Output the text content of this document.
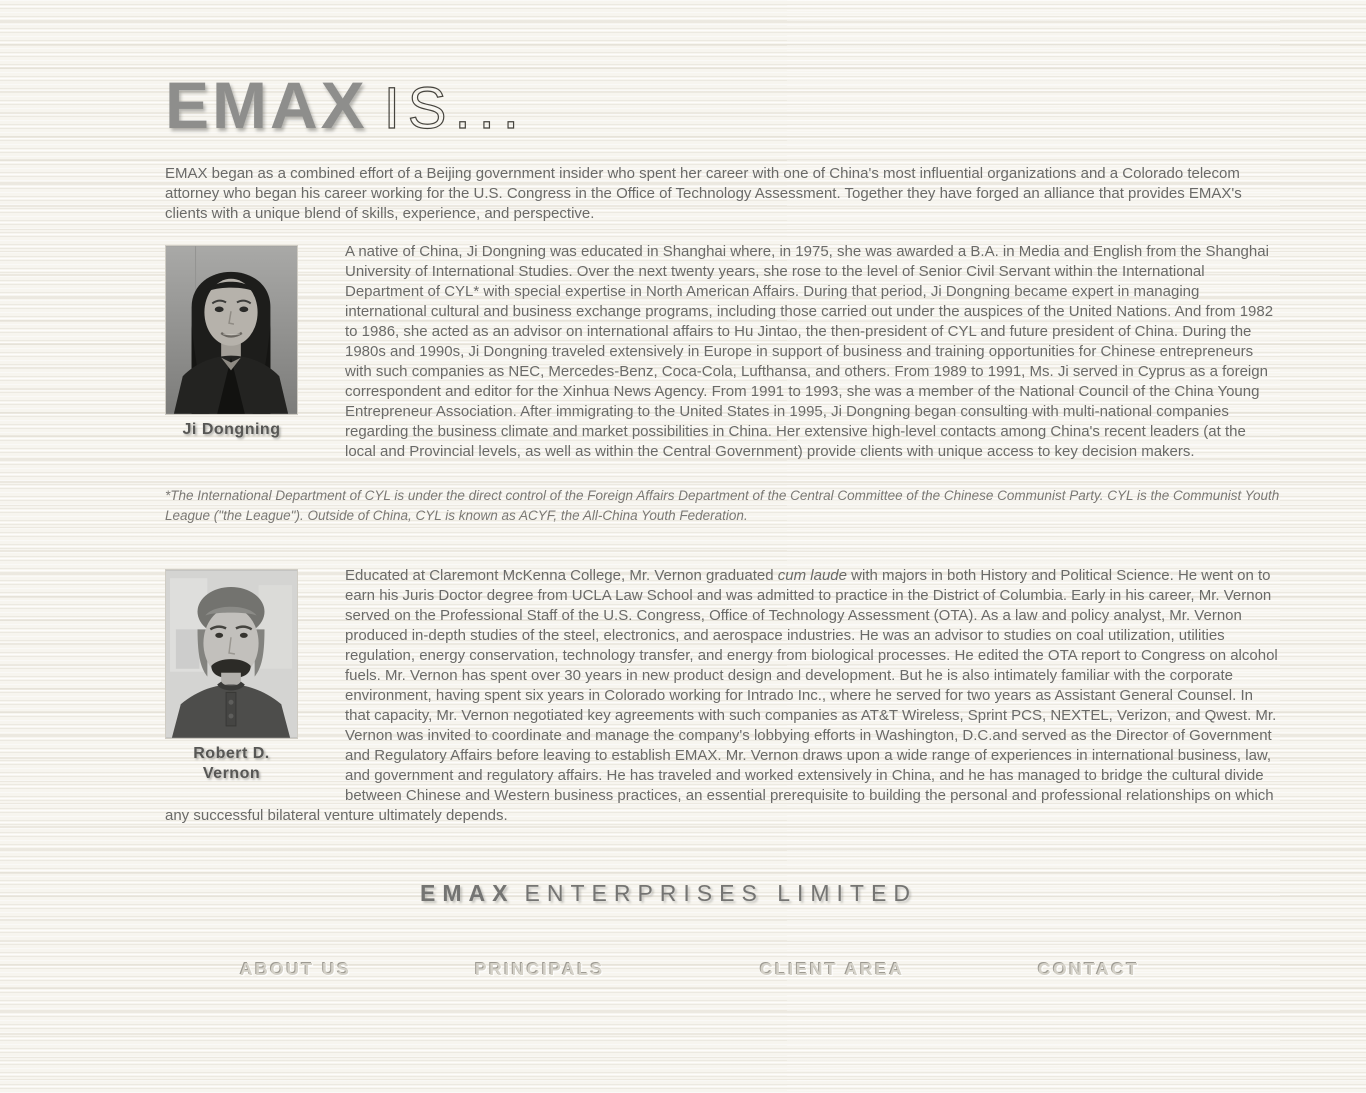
EMAX IS...

EMAX began as a combined effort of a Beijing government insider who spent her career with one of China's most influential organizations and a Colorado telecom attorney who began his career working for the U.S. Congress in the Office of Technology Assessment. Together they have forged an alliance that provides EMAX's clients with a unique blend of skills, experience, and perspective.

Ji Dongning
A native of China, Ji Dongning was educated in Shanghai where, in 1975, she was awarded a B.A. in Media and English from the Shanghai University of International Studies. Over the next twenty years, she rose to the level of Senior Civil Servant within the International Department of CYL* with special expertise in North American Affairs. During that period, Ji Dongning became expert in managing international cultural and business exchange programs, including those carried out under the auspices of the United Nations. And from 1982 to 1986, she acted as an advisor on international affairs to Hu Jintao, the then-president of CYL and future president of China. During the 1980s and 1990s, Ji Dongning traveled extensively in Europe in support of business and training opportunities for Chinese entrepreneurs with such companies as NEC, Mercedes-Benz, Coca-Cola, Lufthansa, and others. From 1989 to 1991, Ms. Ji served in Cyprus as a foreign correspondent and editor for the Xinhua News Agency. From 1991 to 1993, she was a member of the National Council of the China Young Entrepreneur Association. After immigrating to the United States in 1995, Ji Dongning began consulting with multi-national companies regarding the business climate and market possibilities in China. Her extensive high-level contacts among China's recent leaders (at the local and Provincial levels, as well as within the Central Government) provide clients with unique access to key decision makers.

*The International Department of CYL is under the direct control of the Foreign Affairs Department of the Central Committee of the Chinese Communist Party. CYL is the Communist Youth League ("the League"). Outside of China, CYL is known as ACYF, the All-China Youth Federation.

Robert D. Vernon
Educated at Claremont McKenna College, Mr. Vernon graduated cum laude with majors in both History and Political Science. He went on to earn his Juris Doctor degree from UCLA Law School and was admitted to practice in the District of Columbia. Early in his career, Mr. Vernon served on the Professional Staff of the U.S. Congress, Office of Technology Assessment (OTA). As a law and policy analyst, Mr. Vernon produced in-depth studies of the steel, electronics, and aerospace industries. He was an advisor to studies on coal utilization, utilities regulation, energy conservation, technology transfer, and energy from biological processes. He edited the OTA report to Congress on alcohol fuels. Mr. Vernon has spent over 30 years in new product design and development. But he is also intimately familiar with the corporate environment, having spent six years in Colorado working for Intrado Inc., where he served for two years as Assistant General Counsel. In that capacity, Mr. Vernon negotiated key agreements with such companies as AT&T Wireless, Sprint PCS, NEXTEL, Verizon, and Qwest. Mr. Vernon was invited to coordinate and manage the company's lobbying efforts in Washington, D.C.and served as the Director of Government and Regulatory Affairs before leaving to establish EMAX. Mr. Vernon draws upon a wide range of experiences in international business, law, and government and regulatory affairs. He has traveled and worked extensively in China, and he has managed to bridge the cultural divide between Chinese and Western business practices, an essential prerequisite to building the personal and professional relationships on which any successful bilateral venture ultimately depends.
EMAX ENTERPRISES LIMITED
ABOUT US	PRINCIPALS	CLIENT AREA	CONTACT
